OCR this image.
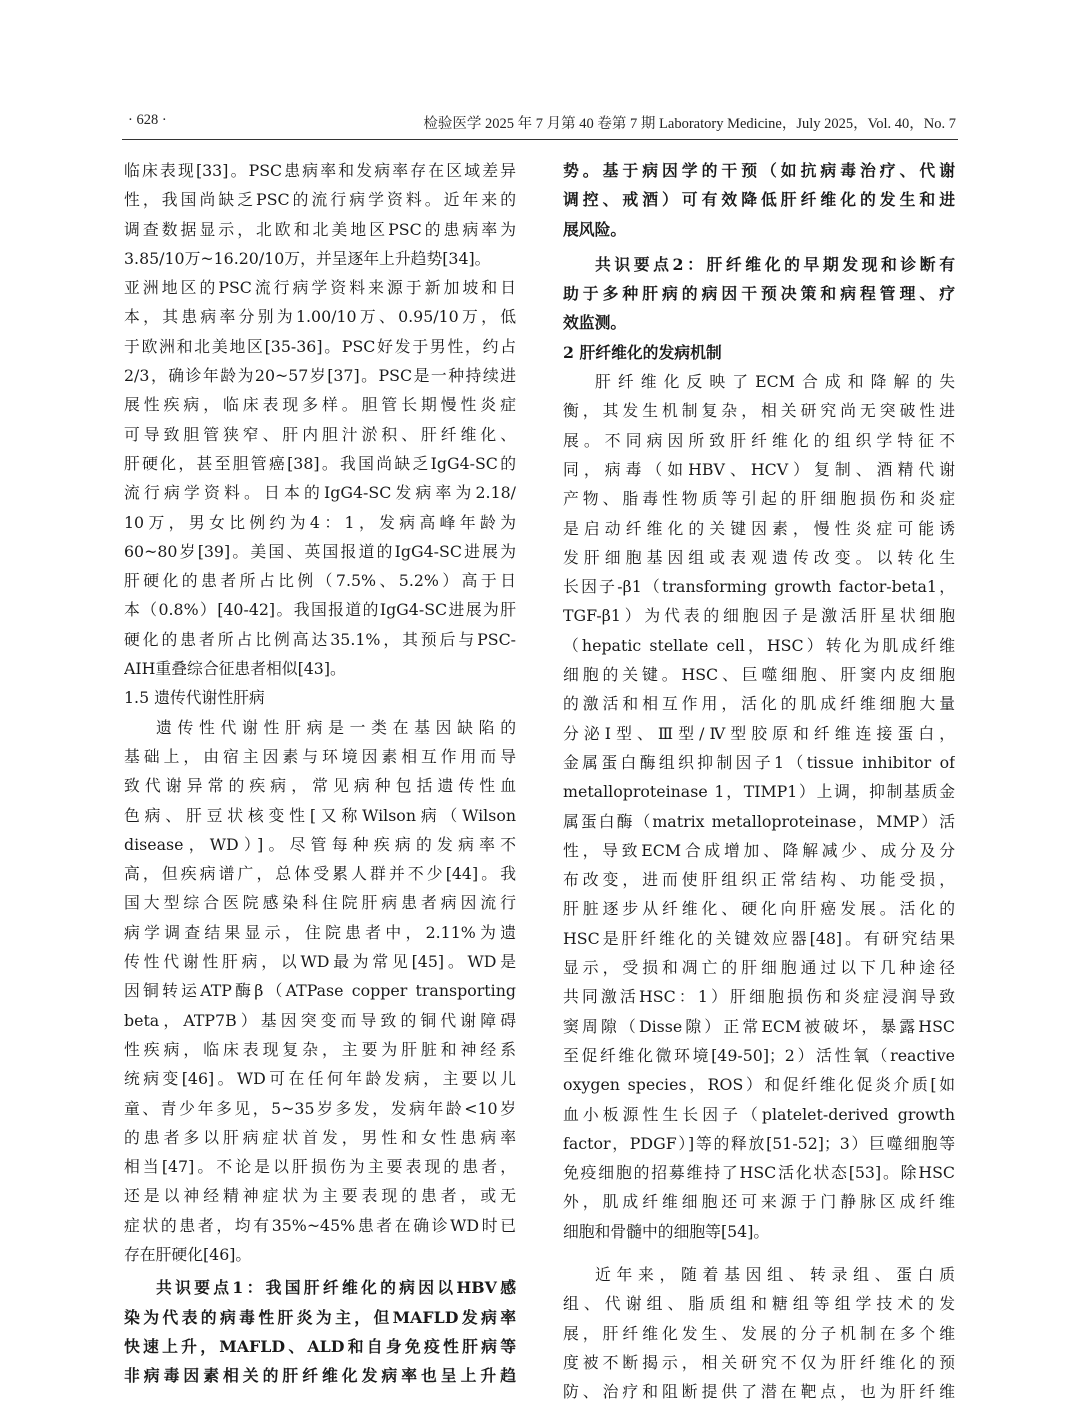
· 628 ·	检验医学 2025 年 7 月第 40 卷第 7 期 Laboratory Medicine，July 2025，Vol. 40，No. 7
临床表现[33]。PSC患病率和发病率存在区域差异
性，我国尚缺乏PSC的流行病学资料。近年来的
调查数据显示，北欧和北美地区PSC的患病率为
3.85/10万~16.20/10万，并呈逐年上升趋势[34]。
亚洲地区的PSC流行病学资料来源于新加坡和日
本，其患病率分别为1.00/10万、0.95/10万，低
于欧洲和北美地区[35-36]。PSC好发于男性，约占
2/3，确诊年龄为20~57岁[37]。PSC是一种持续进
展性疾病，临床表现多样。胆管长期慢性炎症
可导致胆管狭窄、肝内胆汁淤积、肝纤维化、
肝硬化，甚至胆管癌[38]。我国尚缺乏IgG4-SC的
流行病学资料。日本的IgG4-SC发病率为2.18/
10万，男女比例约为4：1，发病高峰年龄为
60~80岁[39]。美国、英国报道的IgG4-SC进展为
肝硬化的患者所占比例（7.5%、5.2%）高于日
本（0.8%）[40-42]。我国报道的IgG4-SC进展为肝
硬化的患者所占比例高达35.1%，其预后与PSC-
AIH重叠综合征患者相似[43]。
1.5 遗传代谢性肝病
遗传性代谢性肝病是一类在基因缺陷的
基础上，由宿主因素与环境因素相互作用而导
致代谢异常的疾病，常见病种包括遗传性血
色病、肝豆状核变性[又称Wilson病（Wilson
disease，WD）]。尽管每种疾病的发病率不
高，但疾病谱广，总体受累人群并不少[44]。我
国大型综合医院感染科住院肝病患者病因流行
病学调查结果显示，住院患者中，2.11%为遗
传性代谢性肝病，以WD最为常见[45]。WD是
因铜转运ATP酶β（ATPase copper transporting
beta，ATP7B）基因突变而导致的铜代谢障碍
性疾病，临床表现复杂，主要为肝脏和神经系
统病变[46]。WD可在任何年龄发病，主要以儿
童、青少年多见，5~35岁多发，发病年龄<10岁
的患者多以肝病症状首发，男性和女性患病率
相当[47]。不论是以肝损伤为主要表现的患者，
还是以神经精神症状为主要表现的患者，或无
症状的患者，均有35%~45%患者在确诊WD时已
存在肝硬化[46]。
共识要点1：我国肝纤维化的病因以HBV感
染为代表的病毒性肝炎为主，但MAFLD发病率
快速上升，MAFLD、ALD和自身免疫性肝病等
非病毒因素相关的肝纤维化发病率也呈上升趋
势。基于病因学的干预（如抗病毒治疗、代谢
调控、戒酒）可有效降低肝纤维化的发生和进
展风险。
共识要点2：肝纤维化的早期发现和诊断有
助于多种肝病的病因干预决策和病程管理、疗
效监测。
2 肝纤维化的发病机制
肝纤维化反映了ECM合成和降解的失
衡，其发生机制复杂，相关研究尚无突破性进
展。不同病因所致肝纤维化的组织学特征不
同，病毒（如HBV、HCV）复制、酒精代谢
产物、脂毒性物质等引起的肝细胞损伤和炎症
是启动纤维化的关键因素，慢性炎症可能诱
发肝细胞基因组或表观遗传改变。以转化生
长因子-β1（transforming growth factor-beta1，
TGF-β1）为代表的细胞因子是激活肝星状细胞
（hepatic stellate cell，HSC）转化为肌成纤维
细胞的关键。HSC、巨噬细胞、肝窦内皮细胞
的激活和相互作用，活化的肌成纤维细胞大量
分泌Ⅰ型、Ⅲ型/Ⅳ型胶原和纤维连接蛋白，
金属蛋白酶组织抑制因子1（tissue inhibitor of
metalloproteinase 1，TIMP1）上调，抑制基质金
属蛋白酶（matrix metalloproteinase，MMP）活
性，导致ECM合成增加、降解减少、成分及分
布改变，进而使肝组织正常结构、功能受损，
肝脏逐步从纤维化、硬化向肝癌发展。活化的
HSC是肝纤维化的关键效应器[48]。有研究结果
显示，受损和凋亡的肝细胞通过以下几种途径
共同激活HSC：1）肝细胞损伤和炎症浸润导致
窦周隙（Disse隙）正常ECM被破坏，暴露HSC
至促纤维化微环境[49-50]；2）活性氧（reactive
oxygen species，ROS）和促纤维化促炎介质[如
血小板源性生长因子（platelet-derived growth
factor，PDGF）]等的释放[51-52]；3）巨噬细胞等
免疫细胞的招募维持了HSC活化状态[53]。除HSC
外，肌成纤维细胞还可来源于门静脉区成纤维
细胞和骨髓中的细胞等[54]。
近年来，随着基因组、转录组、蛋白质
组、代谢组、脂质组和糖组等组学技术的发
展，肝纤维化发生、发展的分子机制在多个维
度被不断揭示，相关研究不仅为肝纤维化的预
防、治疗和阻断提供了潜在靶点，也为肝纤维
